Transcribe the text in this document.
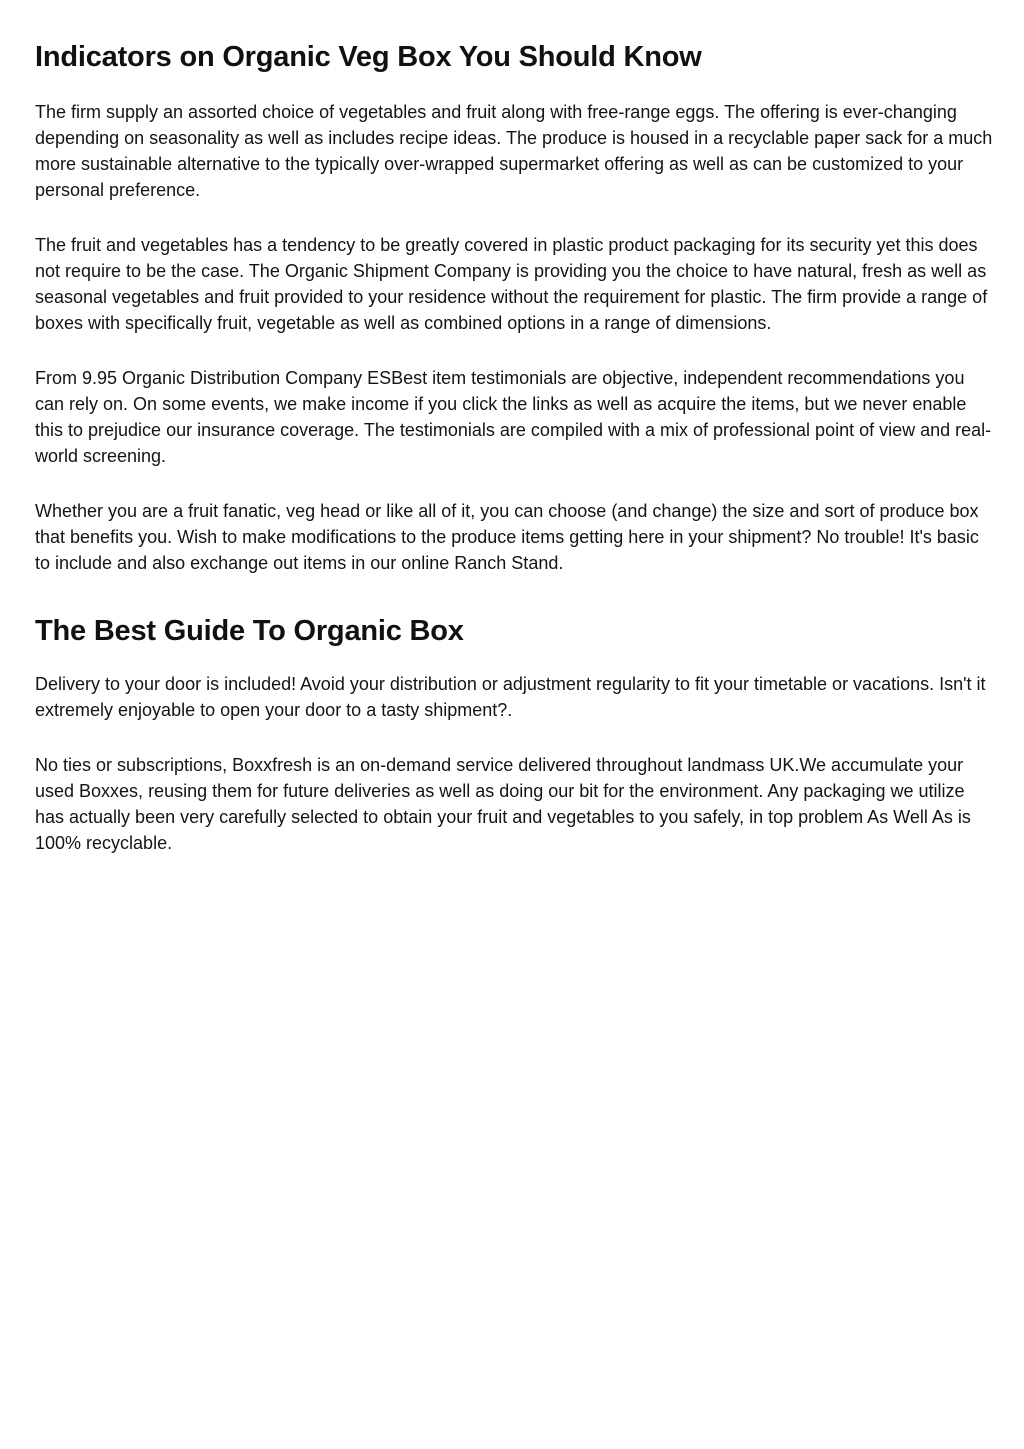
Indicators on Organic Veg Box You Should Know

The firm supply an assorted choice of vegetables and fruit along with free-range eggs. The offering is ever-changing depending on seasonality as well as includes recipe ideas. The produce is housed in a recyclable paper sack for a much more sustainable alternative to the typically over-wrapped supermarket offering as well as can be customized to your personal preference.

The fruit and vegetables has a tendency to be greatly covered in plastic product packaging for its security yet this does not require to be the case. The Organic Shipment Company is providing you the choice to have natural, fresh as well as seasonal vegetables and fruit provided to your residence without the requirement for plastic. The firm provide a range of boxes with specifically fruit, vegetable as well as combined options in a range of dimensions.

From 9.95 Organic Distribution Company ESBest item testimonials are objective, independent recommendations you can rely on. On some events, we make income if you click the links as well as acquire the items, but we never enable this to prejudice our insurance coverage. The testimonials are compiled with a mix of professional point of view and real-world screening.

Whether you are a fruit fanatic, veg head or like all of it, you can choose (and change) the size and sort of produce box that benefits you. Wish to make modifications to the produce items getting here in your shipment? No trouble! It's basic to include and also exchange out items in our online Ranch Stand.

The Best Guide To Organic Box

Delivery to your door is included! Avoid your distribution or adjustment regularity to fit your timetable or vacations. Isn't it extremely enjoyable to open your door to a tasty shipment?.

No ties or subscriptions, Boxxfresh is an on-demand service delivered throughout landmass UK.We accumulate your used Boxxes, reusing them for future deliveries as well as doing our bit for the environment. Any packaging we utilize has actually been very carefully selected to obtain your fruit and vegetables to you safely, in top problem As Well As is 100% recyclable.
